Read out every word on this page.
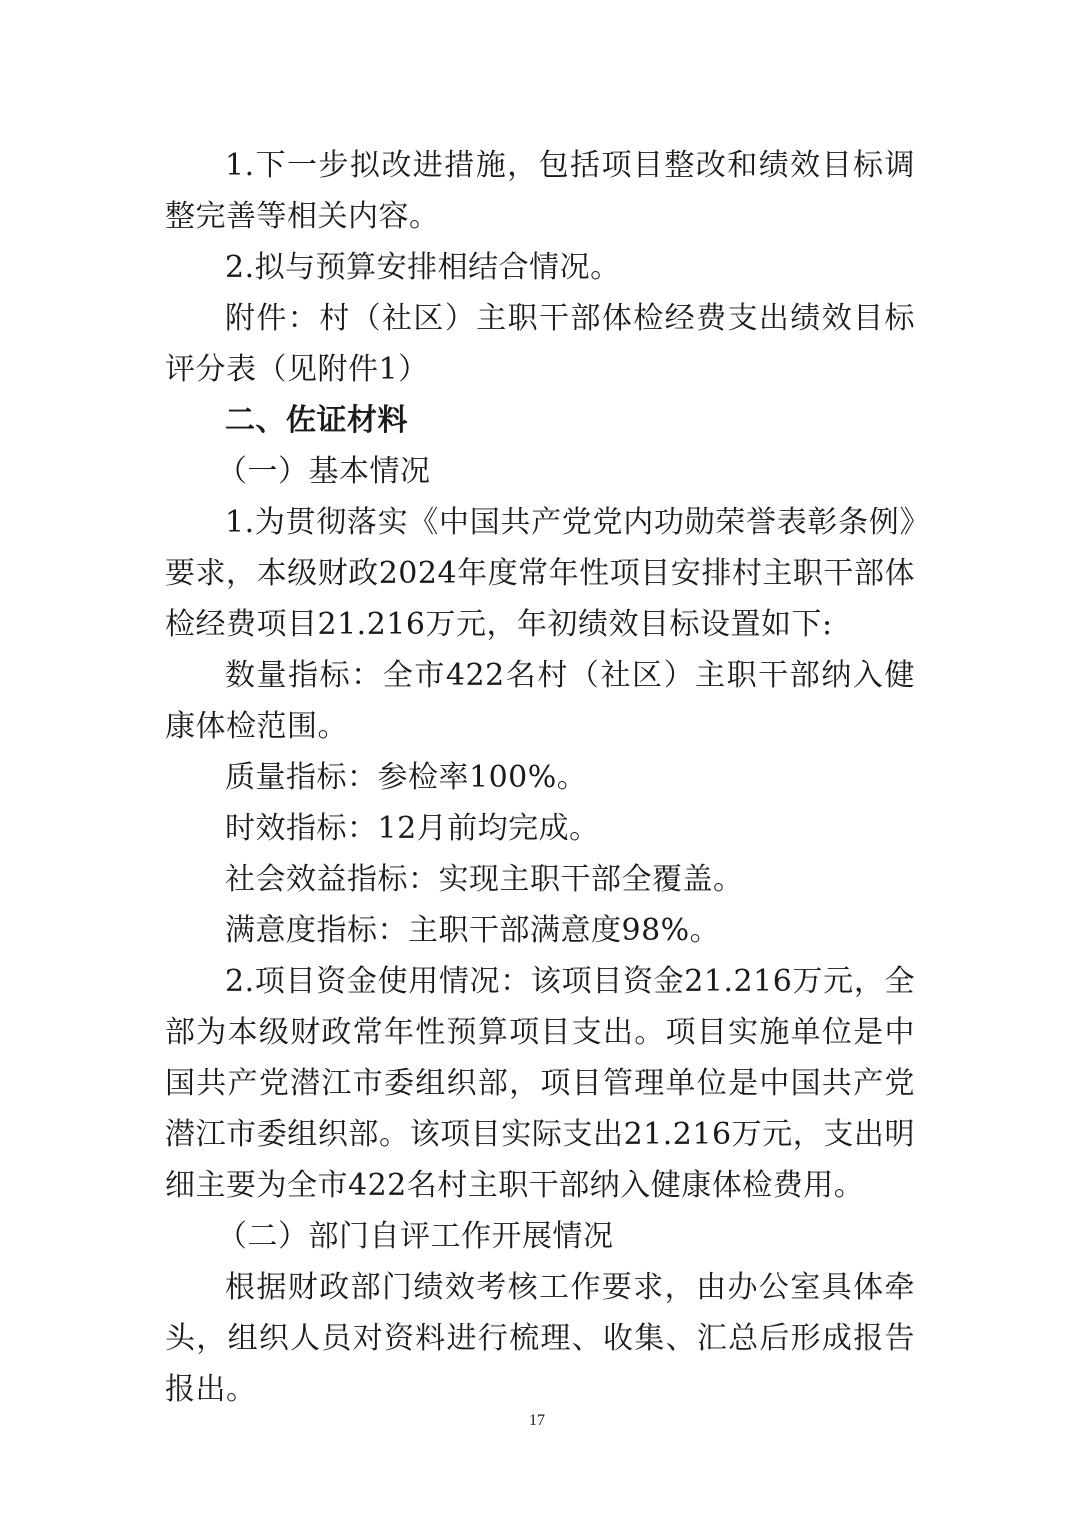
1.下一步拟改进措施，包括项目整改和绩效目标调整完善等相关内容。

2.拟与预算安排相结合情况。

附件：村（社区）主职干部体检经费支出绩效目标评分表（见附件1）

二、佐证材料

（一）基本情况

1.为贯彻落实《中国共产党党内功勋荣誉表彰条例》要求，本级财政2024年度常年性项目安排村主职干部体检经费项目21.216万元，年初绩效目标设置如下:

数量指标：全市422名村（社区）主职干部纳入健康体检范围。

质量指标：参检率100%。

时效指标：12月前均完成。

社会效益指标：实现主职干部全覆盖。

满意度指标：主职干部满意度98%。

2.项目资金使用情况：该项目资金21.216万元，全部为本级财政常年性预算项目支出。项目实施单位是中国共产党潜江市委组织部，项目管理单位是中国共产党潜江市委组织部。该项目实际支出21.216万元，支出明细主要为全市422名村主职干部纳入健康体检费用。

（二）部门自评工作开展情况

根据财政部门绩效考核工作要求，由办公室具体牵头，组织人员对资料进行梳理、收集、汇总后形成报告报出。

17
